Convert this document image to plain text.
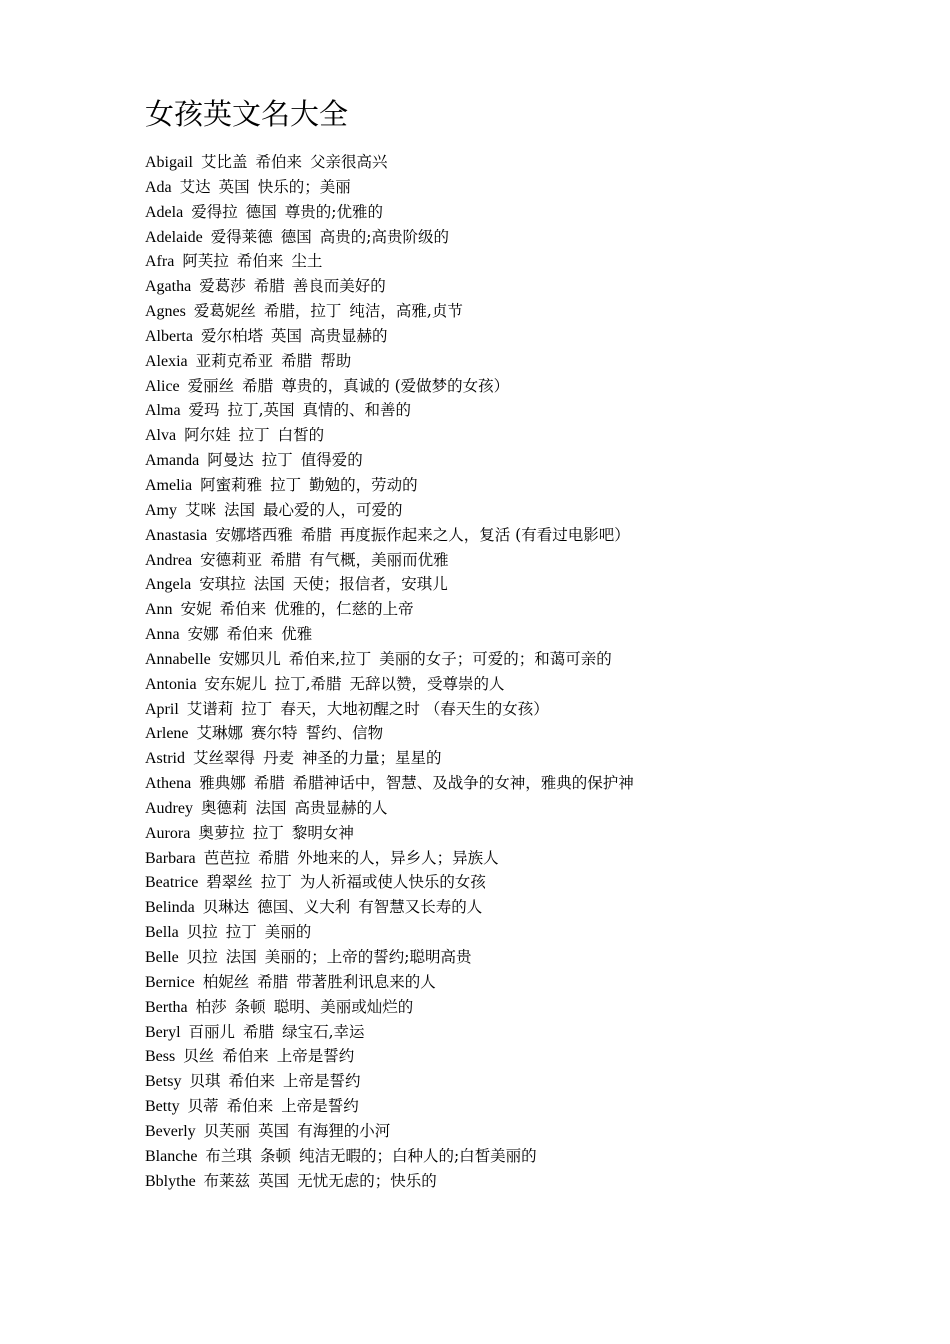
女孩英文名大全
Abigail 艾比盖 希伯来 父亲很高兴
Ada 艾达 英国 快乐的；美丽
Adela 爱得拉 德国 尊贵的;优雅的
Adelaide 爱得莱德 德国 高贵的;高贵阶级的
Afra 阿芙拉 希伯来 尘土
Agatha 爱葛莎 希腊 善良而美好的
Agnes 爱葛妮丝 希腊，拉丁 纯洁，高雅,贞节
Alberta 爱尔柏塔 英国 高贵显赫的
Alexia 亚莉克希亚 希腊 帮助
Alice 爱丽丝 希腊 尊贵的，真诚的 (爱做梦的女孩）
Alma 爱玛 拉丁,英国 真情的、和善的
Alva 阿尔娃 拉丁 白皙的
Amanda 阿曼达 拉丁 值得爱的
Amelia 阿蜜莉雅 拉丁 勤勉的，劳动的
Amy 艾咪 法国 最心爱的人，可爱的
Anastasia 安娜塔西雅 希腊 再度振作起来之人，复活 (有看过电影吧）
Andrea 安德莉亚 希腊 有气概，美丽而优雅
Angela 安琪拉 法国 天使；报信者，安琪儿
Ann 安妮 希伯来 优雅的，仁慈的上帝
Anna 安娜 希伯来 优雅
Annabelle 安娜贝儿 希伯来,拉丁 美丽的女子；可爱的；和蔼可亲的
Antonia 安东妮儿 拉丁,希腊 无辞以赞，受尊崇的人
April 艾谱莉 拉丁 春天，大地初醒之时 （春天生的女孩）
Arlene 艾琳娜 赛尔特 誓约、信物
Astrid 艾丝翠得 丹麦 神圣的力量；星星的
Athena 雅典娜 希腊 希腊神话中，智慧、及战争的女神，雅典的保护神
Audrey 奥德莉 法国 高贵显赫的人
Aurora 奥萝拉 拉丁 黎明女神
Barbara 芭芭拉 希腊 外地来的人，异乡人；异族人
Beatrice 碧翠丝 拉丁 为人祈福或使人快乐的女孩
Belinda 贝琳达 德国、义大利 有智慧又长寿的人
Bella 贝拉 拉丁 美丽的
Belle 贝拉 法国 美丽的；上帝的誓约;聪明高贵
Bernice 柏妮丝 希腊 带著胜利讯息来的人
Bertha 柏莎 条顿 聪明、美丽或灿烂的
Beryl 百丽儿 希腊 绿宝石,幸运
Bess 贝丝 希伯来 上帝是誓约
Betsy 贝琪 希伯来 上帝是誓约
Betty 贝蒂 希伯来 上帝是誓约
Beverly 贝芙丽 英国 有海狸的小河
Blanche 布兰琪 条顿 纯洁无暇的；白种人的;白皙美丽的
Bblythe 布莱兹 英国 无忧无虑的；快乐的
